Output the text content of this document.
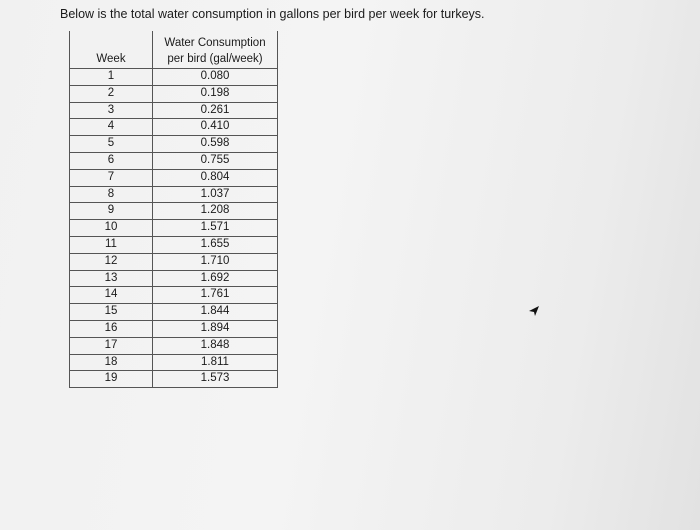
Below is the total water consumption in gallons per bird per week for turkeys.

Week	Water Consumption
per bird (gal/week)
1	0.080
2	0.198
3	0.261
4	0.410
5	0.598
6	0.755
7	0.804
8	1.037
9	1.208
10	1.571
11	1.655
12	1.710
13	1.692
14	1.761
15	1.844
16	1.894
17	1.848
18	1.811
19	1.573
